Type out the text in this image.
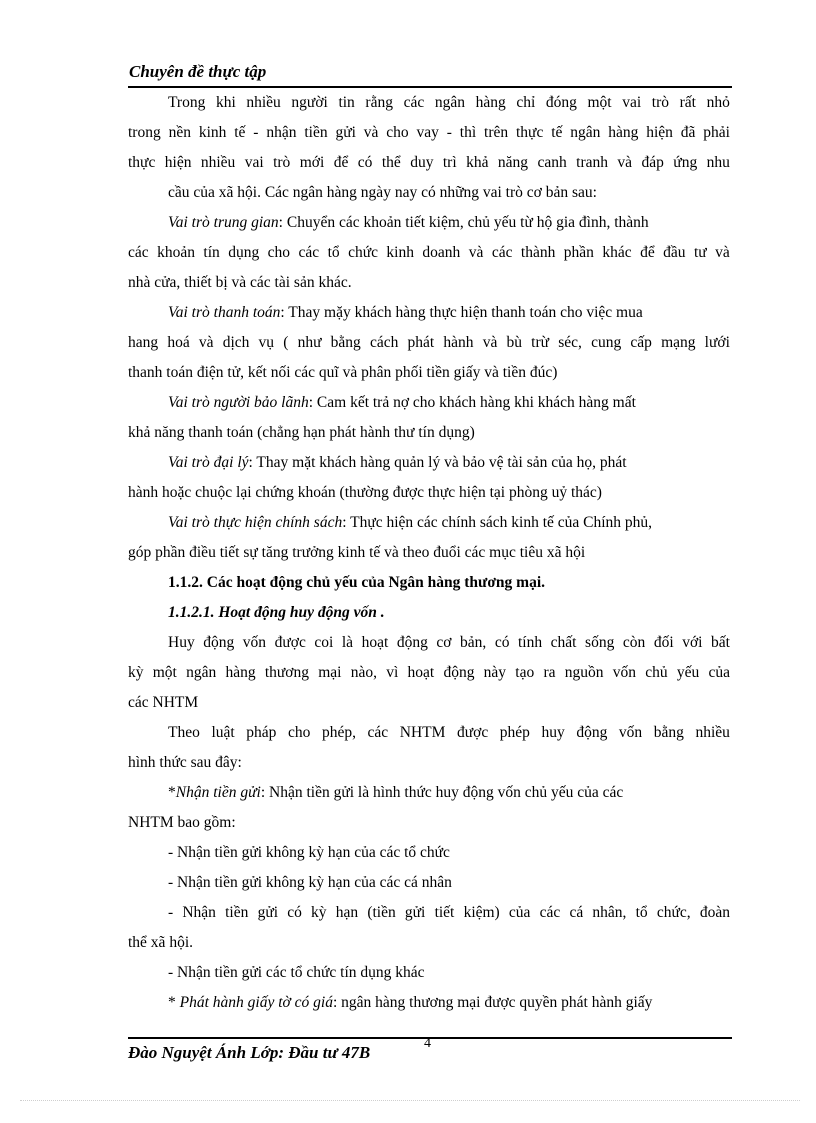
Chuyên đề thực tập
Trong khi nhiều người tin rằng các ngân hàng chỉ đóng một vai trò rất nhỏ
trong nền kinh tế - nhận tiền gửi và cho vay - thì trên thực tế ngân hàng hiện đã phải
thực hiện nhiều vai trò mới để có thể duy trì khả năng canh tranh và đáp ứng nhu
cầu của xã hội. Các ngân hàng ngày nay có những vai trò cơ bản sau:
Vai trò trung gian: Chuyển các khoản tiết kiệm, chủ yếu từ hộ gia đình, thành
các khoản tín dụng cho các tổ chức kinh doanh và các thành phần khác để đầu tư và
nhà cửa, thiết bị và các tài sản khác.
Vai trò thanh toán: Thay mặy khách hàng thực hiện thanh toán cho việc mua
hang hoá và dịch vụ ( như bằng cách phát hành và bù trừ séc, cung cấp mạng lưới
thanh toán điện tử, kết nối các quĩ và phân phối tiền giấy và tiền đúc)
Vai trò người bảo lãnh: Cam kết trả nợ cho khách hàng khi khách hàng mất
khả năng thanh toán (chẳng hạn phát hành thư tín dụng)
Vai trò đại lý: Thay mặt khách hàng quản lý và bảo vệ tài sản của họ, phát
hành hoặc chuộc lại chứng khoán (thường được thực hiện tại phòng uỷ thác)
Vai trò thực hiện chính sách: Thực hiện các chính sách kinh tế của Chính phủ,
góp phần điều tiết sự tăng trưởng kinh tế và theo đuổi các mục tiêu xã hội
1.1.2. Các hoạt động chủ yếu của Ngân hàng thương mại.
1.1.2.1. Hoạt động huy động vốn .
Huy động vốn được coi là hoạt động cơ bản, có tính chất sống còn đối với bất
kỳ một ngân hàng thương mại nào, vì hoạt động này tạo ra nguồn vốn chủ yếu của
các NHTM
Theo luật pháp cho phép, các NHTM được phép huy động vốn bằng nhiều
hình thức sau đây:
*Nhận tiền gửi: Nhận tiền gửi là hình thức huy động vốn chủ yếu của các
NHTM bao gồm:
- Nhận tiền gửi không kỳ hạn của các tổ chức
- Nhận tiền gửi không kỳ hạn của các cá nhân
- Nhận tiền gửi có kỳ hạn (tiền gửi tiết kiệm) của các cá nhân, tổ chức, đoàn
thể xã hội.
- Nhận tiền gửi các tổ chức tín dụng khác
* Phát hành giấy tờ có giá: ngân hàng thương mại được quyền phát hành giấy
Đào Nguyệt Ánh Lớp: Đầu tư 47B	4
